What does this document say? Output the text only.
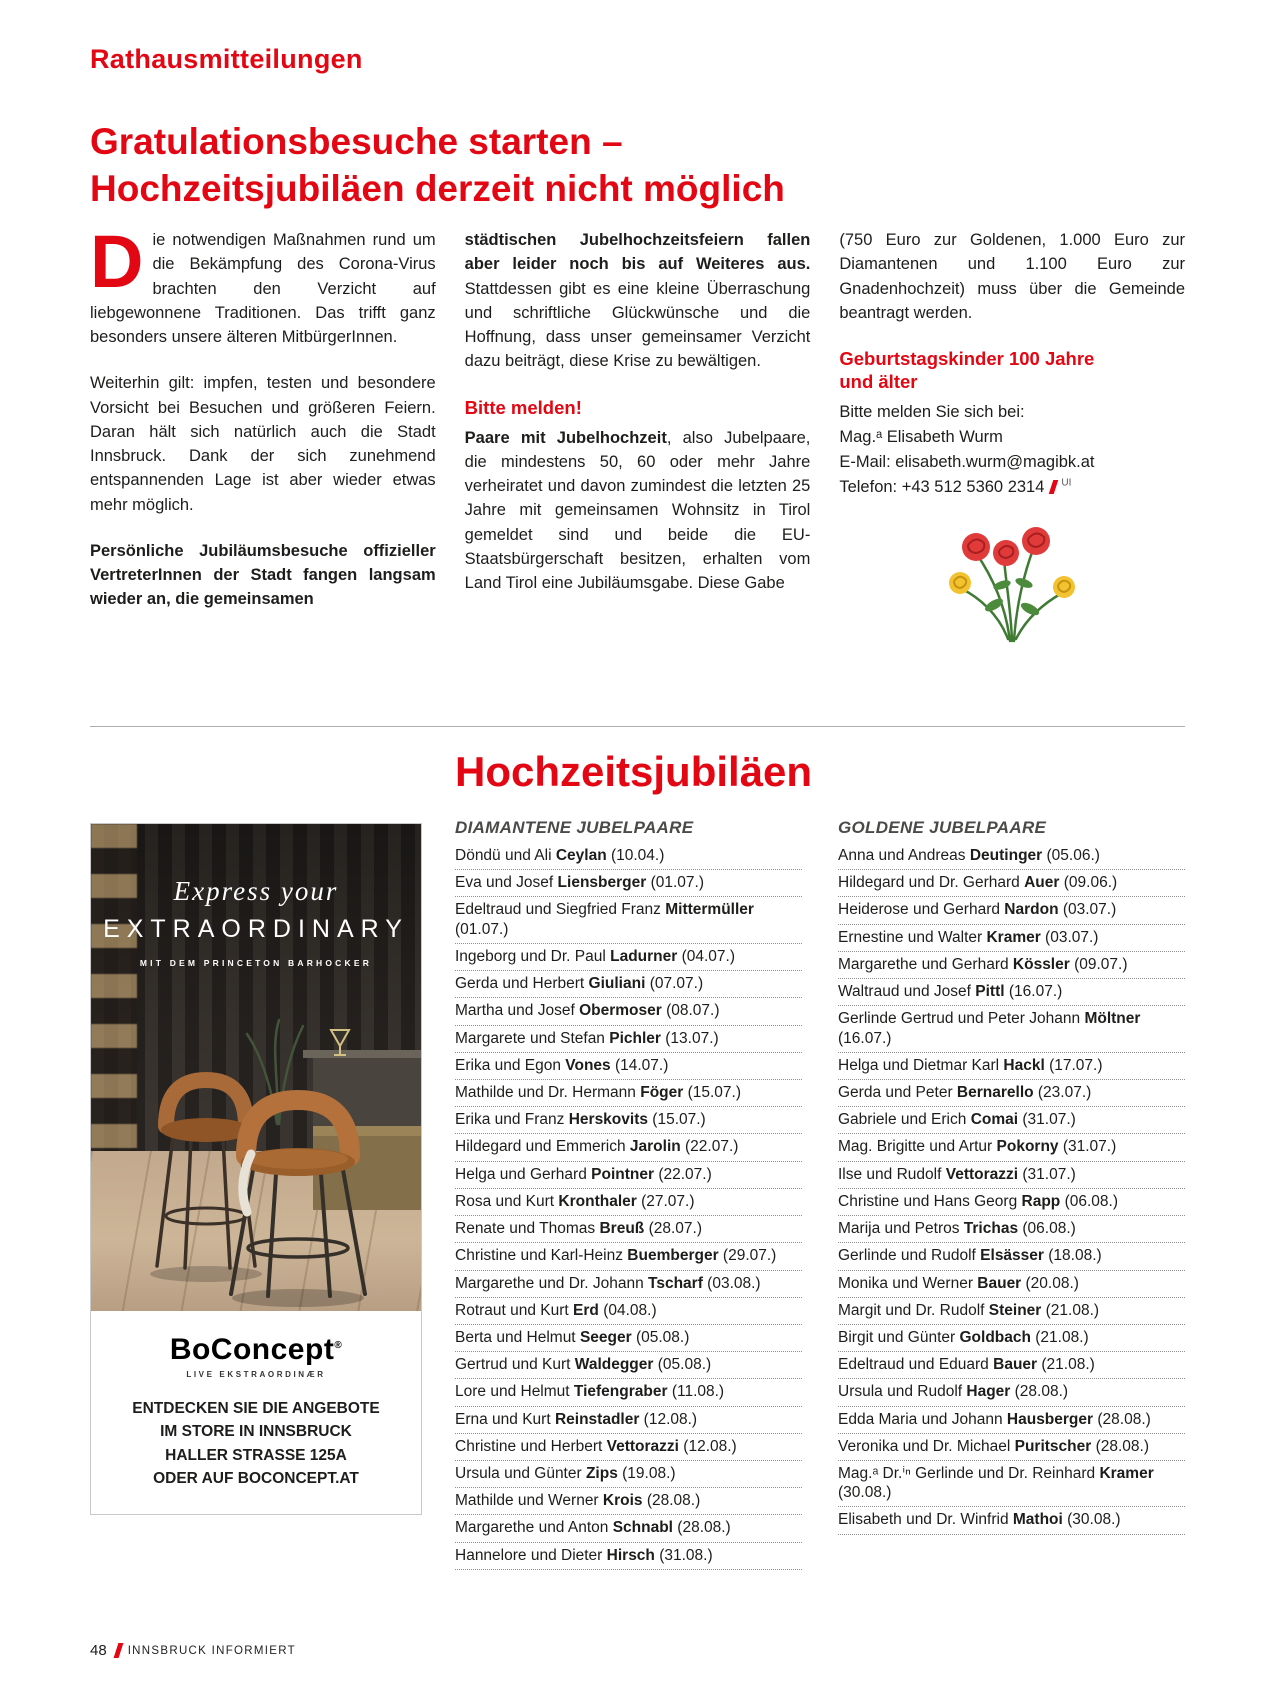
Rathausmitteilungen
Gratulationsbesuche starten –
Hochzeitsjubiläen derzeit nicht möglich

Die notwendigen Maßnahmen rund um die Bekämpfung des Corona-Virus brachten den Verzicht auf liebgewonnene Traditionen. Das trifft ganz besonders unsere älteren MitbürgerInnen.

Weiterhin gilt: impfen, testen und besondere Vorsicht bei Besuchen und größeren Feiern. Daran hält sich natürlich auch die Stadt Innsbruck. Dank der sich zunehmend entspannenden Lage ist aber wieder etwas mehr möglich.

Persönliche Jubiläumsbesuche offizieller VertreterInnen der Stadt fangen langsam wieder an, die gemeinsamen

städtischen Jubelhochzeitsfeiern fallen aber leider noch bis auf Weiteres aus. Stattdessen gibt es eine kleine Überraschung und schriftliche Glückwünsche und die Hoffnung, dass unser gemeinsamer Verzicht dazu beiträgt, diese Krise zu bewältigen.

Bitte melden!

Paare mit Jubelhochzeit, also Jubelpaare, die mindestens 50, 60 oder mehr Jahre verheiratet und davon zumindest die letzten 25 Jahre mit gemeinsamen Wohnsitz in Tirol gemeldet sind und beide die EU-Staatsbürgerschaft besitzen, erhalten vom Land Tirol eine Jubiläumsgabe. Diese Gabe

(750 Euro zur Goldenen, 1.000 Euro zur Diamantenen und 1.100 Euro zur Gnadenhochzeit) muss über die Gemeinde beantragt werden.

Geburtstagskinder 100 Jahre und älter

Bitte melden Sie sich bei:
Mag.ᵃ Elisabeth Wurm
E-Mail: elisabeth.wurm@magibk.at
Telefon: +43 512 5360 2314 $^{UI}$

Express your
EXTRAORDINARY
MIT DEM PRINCETON BARHOCKER
BoConcept®
LIVE EKSTRAORDINÆR
ENTDECKEN SIE DIE ANGEBOTE
IM STORE IN INNSBRUCK
HALLER STRASSE 125A
ODER AUF BOCONCEPT.AT
Hochzeitsjubiläen
DIAMANTENE JUBELPAARE
Döndü und Ali Ceylan (10.04.)
Eva und Josef Liensberger (01.07.)
Edeltraud und Siegfried Franz Mittermüller (01.07.)
Ingeborg und Dr. Paul Ladurner (04.07.)
Gerda und Herbert Giuliani (07.07.)
Martha und Josef Obermoser (08.07.)
Margarete und Stefan Pichler (13.07.)
Erika und Egon Vones (14.07.)
Mathilde und Dr. Hermann Föger (15.07.)
Erika und Franz Herskovits (15.07.)
Hildegard und Emmerich Jarolin (22.07.)
Helga und Gerhard Pointner (22.07.)
Rosa und Kurt Kronthaler (27.07.)
Renate und Thomas Breuß (28.07.)
Christine und Karl-Heinz Buemberger (29.07.)
Margarethe und Dr. Johann Tscharf (03.08.)
Rotraut und Kurt Erd (04.08.)
Berta und Helmut Seeger (05.08.)
Gertrud und Kurt Waldegger (05.08.)
Lore und Helmut Tiefengraber (11.08.)
Erna und Kurt Reinstadler (12.08.)
Christine und Herbert Vettorazzi (12.08.)
Ursula und Günter Zips (19.08.)
Mathilde und Werner Krois (28.08.)
Margarethe und Anton Schnabl (28.08.)
Hannelore und Dieter Hirsch (31.08.)
GOLDENE JUBELPAARE
Anna und Andreas Deutinger (05.06.)
Hildegard und Dr. Gerhard Auer (09.06.)
Heiderose und Gerhard Nardon (03.07.)
Ernestine und Walter Kramer (03.07.)
Margarethe und Gerhard Kössler (09.07.)
Waltraud und Josef Pittl (16.07.)
Gerlinde Gertrud und Peter Johann Möltner (16.07.)
Helga und Dietmar Karl Hackl (17.07.)
Gerda und Peter Bernarello (23.07.)
Gabriele und Erich Comai (31.07.)
Mag. Brigitte und Artur Pokorny (31.07.)
Ilse und Rudolf Vettorazzi (31.07.)
Christine und Hans Georg Rapp (06.08.)
Marija und Petros Trichas (06.08.)
Gerlinde und Rudolf Elsässer (18.08.)
Monika und Werner Bauer (20.08.)
Margit und Dr. Rudolf Steiner (21.08.)
Birgit und Günter Goldbach (21.08.)
Edeltraud und Eduard Bauer (21.08.)
Ursula und Rudolf Hager (28.08.)
Edda Maria und Johann Hausberger (28.08.)
Veronika und Dr. Michael Puritscher (28.08.)
Mag.ᵃ Dr.ⁱⁿ Gerlinde und Dr. Reinhard Kramer (30.08.)
Elisabeth und Dr. Winfrid Mathoi (30.08.)
48 INNSBRUCK INFORMIERT
